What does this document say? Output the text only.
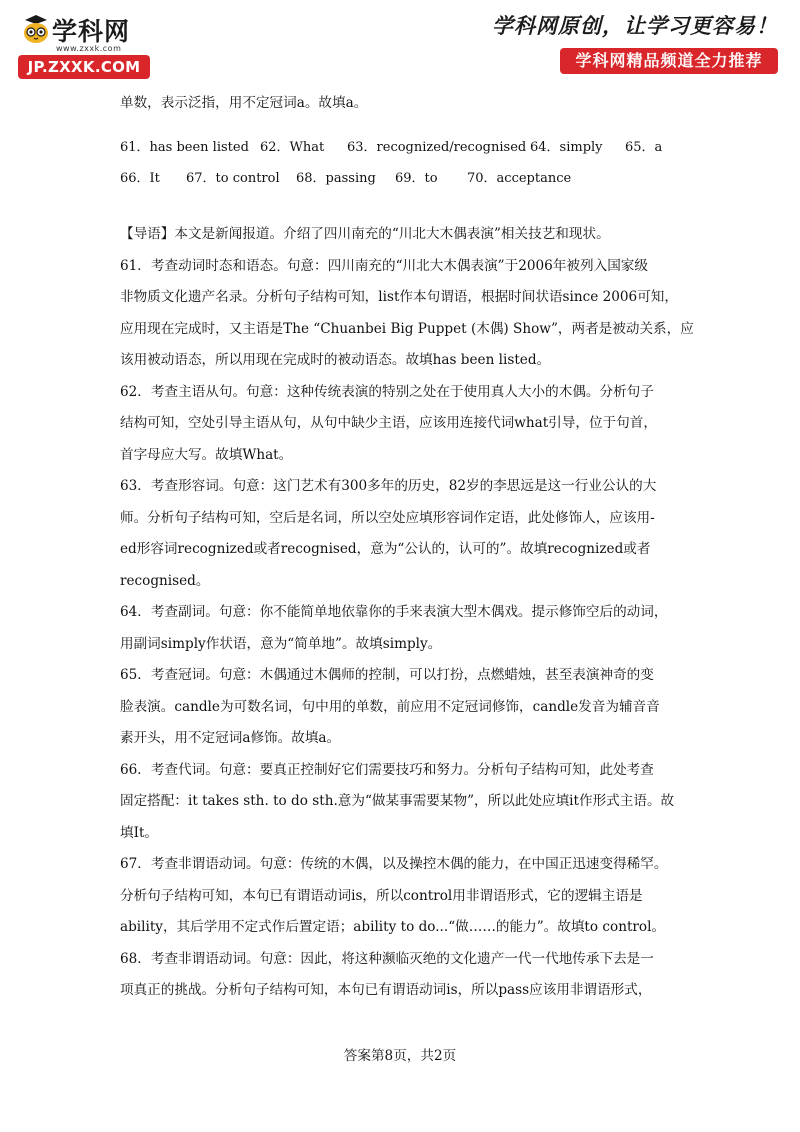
学科网
www.zxxk.com
JP.ZXXK.COM
学科网原创，让学习更容易！
学科网精品频道全力推荐
单数，表示泛指，用不定冠词a。故填a。
61．has been listed 62．What 63．recognized/recognised 64．simply 65．a
66．It 67．to control 68．passing 69．to 70．acceptance
【导语】本文是新闻报道。介绍了四川南充的“川北大木偶表演”相关技艺和现状。
61．考查动词时态和语态。句意：四川南充的“川北大木偶表演”于2006年被列入国家级
非物质文化遗产名录。分析句子结构可知，list作本句谓语，根据时间状语since 2006可知，
应用现在完成时，又主语是The “Chuanbei Big Puppet (木偶) Show”，两者是被动关系，应
该用被动语态，所以用现在完成时的被动语态。故填has been listed。
62．考查主语从句。句意：这种传统表演的特别之处在于使用真人大小的木偶。分析句子
结构可知，空处引导主语从句，从句中缺少主语，应该用连接代词what引导，位于句首，
首字母应大写。故填What。
63．考查形容词。句意：这门艺术有300多年的历史，82岁的李思远是这一行业公认的大
师。分析句子结构可知，空后是名词，所以空处应填形容词作定语，此处修饰人，应该用-
ed形容词recognized或者recognised，意为“公认的，认可的”。故填recognized或者
recognised。
64．考查副词。句意：你不能简单地依靠你的手来表演大型木偶戏。提示修饰空后的动词，
用副词simply作状语，意为“简单地”。故填simply。
65．考查冠词。句意：木偶通过木偶师的控制，可以打扮，点燃蜡烛，甚至表演神奇的变
脸表演。candle为可数名词，句中用的单数，前应用不定冠词修饰，candle发音为辅音音
素开头，用不定冠词a修饰。故填a。
66．考查代词。句意：要真正控制好它们需要技巧和努力。分析句子结构可知，此处考查
固定搭配：it takes sth. to do sth.意为“做某事需要某物”，所以此处应填it作形式主语。故
填It。
67．考查非谓语动词。句意：传统的木偶，以及操控木偶的能力，在中国正迅速变得稀罕。
分析句子结构可知，本句已有谓语动词is，所以control用非谓语形式，它的逻辑主语是
ability，其后学用不定式作后置定语；ability to do...“做……的能力”。故填to control。
68．考查非谓语动词。句意：因此，将这种濒临灭绝的文化遗产一代一代地传承下去是一
项真正的挑战。分析句子结构可知，本句已有谓语动词is，所以pass应该用非谓语形式，
答案第8页，共2页
